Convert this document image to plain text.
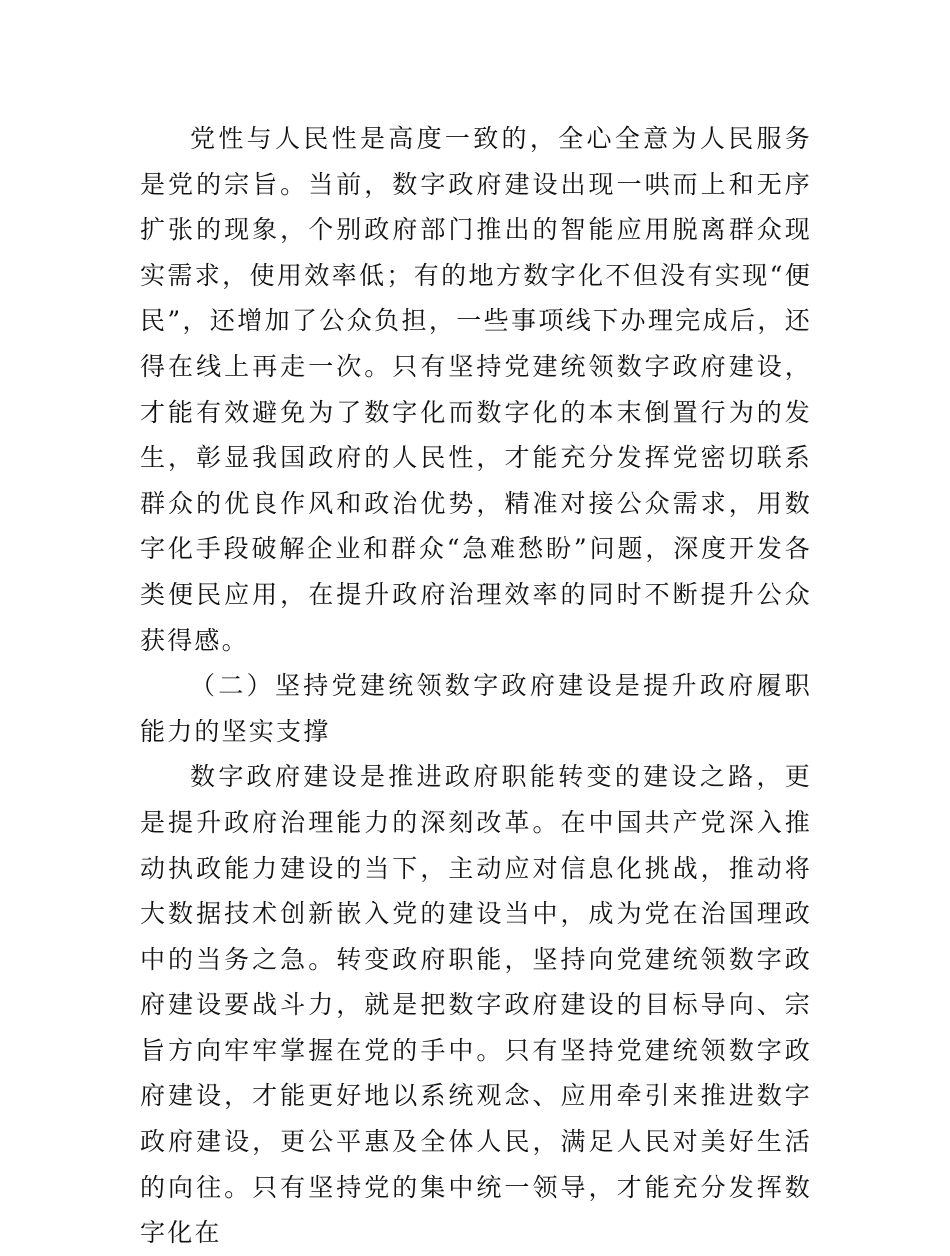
党性与人民性是高度一致的，全心全意为人民服务是党的宗旨。当前，数字政府建设出现一哄而上和无序扩张的现象，个别政府部门推出的智能应用脱离群众现实需求，使用效率低；有的地方数字化不但没有实现“便民”，还增加了公众负担，一些事项线下办理完成后，还得在线上再走一次。只有坚持党建统领数字政府建设，才能有效避免为了数字化而数字化的本末倒置行为的发生，彰显我国政府的人民性，才能充分发挥党密切联系群众的优良作风和政治优势，精准对接公众需求，用数字化手段破解企业和群众“急难愁盼”问题，深度开发各类便民应用，在提升政府治理效率的同时不断提升公众获得感。

（二）坚持党建统领数字政府建设是提升政府履职能力的坚实支撑

数字政府建设是推进政府职能转变的建设之路，更是提升政府治理能力的深刻改革。在中国共产党深入推动执政能力建设的当下，主动应对信息化挑战，推动将大数据技术创新嵌入党的建设当中，成为党在治国理政中的当务之急。转变政府职能，坚持向党建统领数字政府建设要战斗力，就是把数字政府建设的目标导向、宗旨方向牢牢掌握在党的手中。只有坚持党建统领数字政府建设，才能更好地以系统观念、应用牵引来推进数字政府建设，更公平惠及全体人民，满足人民对美好生活的向往。只有坚持党的集中统一领导，才能充分发挥数字化在
